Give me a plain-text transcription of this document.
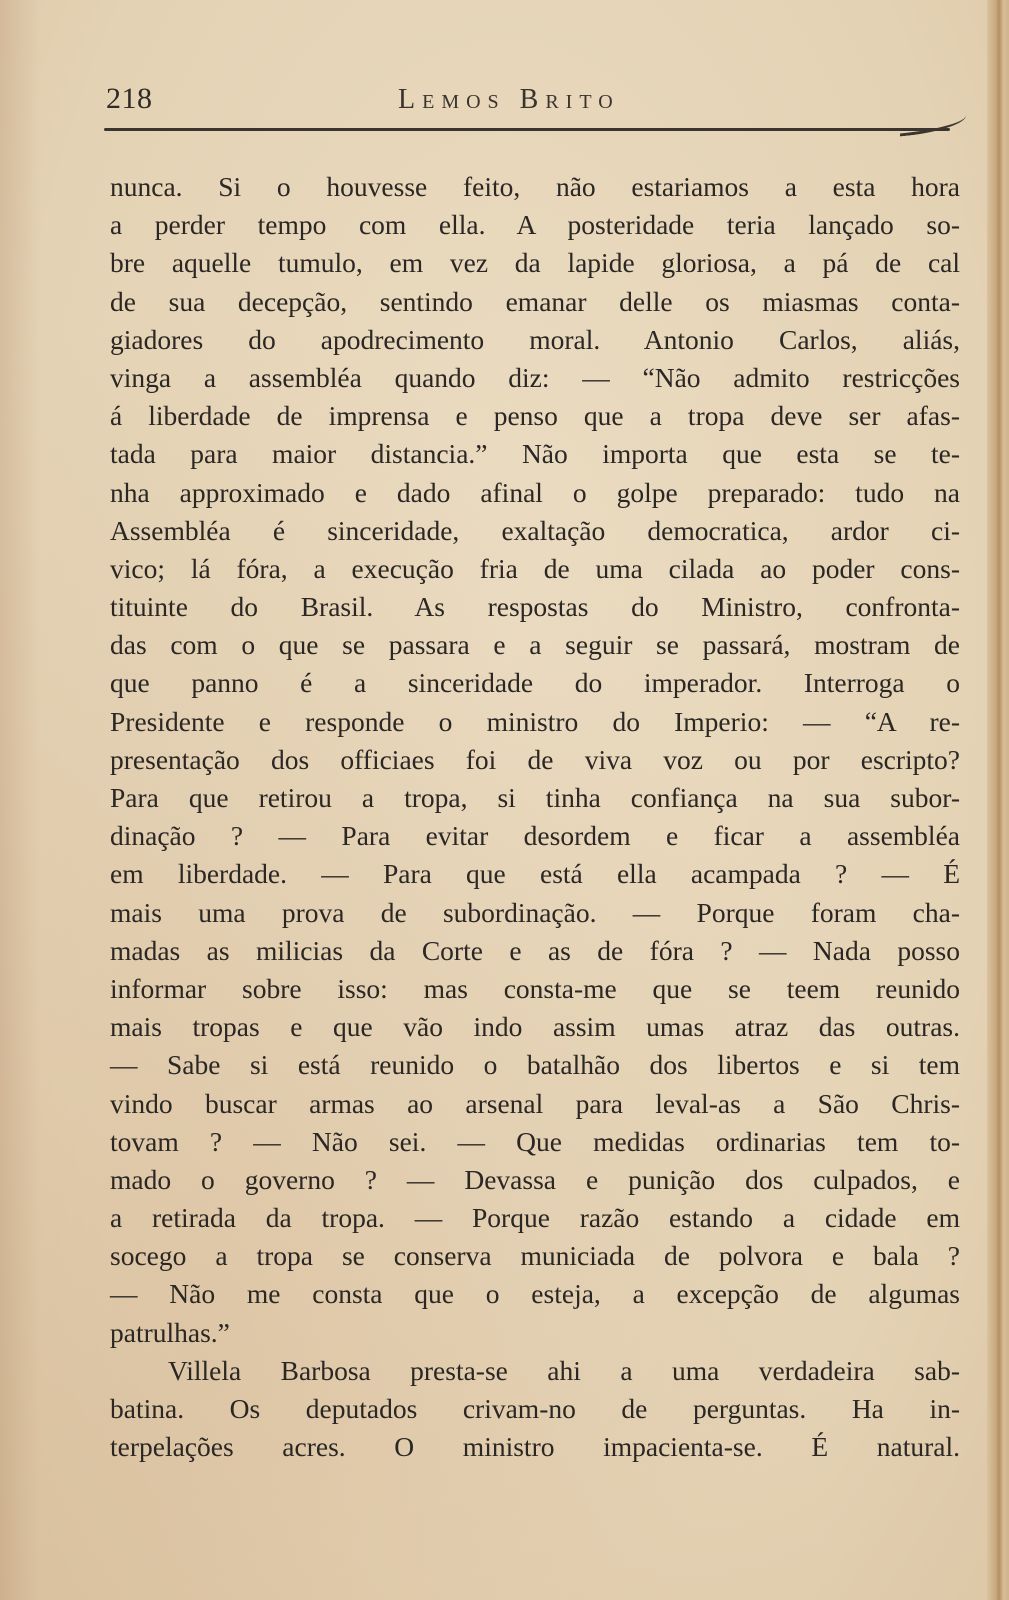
218	Lemos Brito
nunca. Si o houvesse feito, não estariamos a esta hora
a perder tempo com ella. A posteridade teria lançado so-
bre aquelle tumulo, em vez da lapide gloriosa, a pá de cal
de sua decepção, sentindo emanar delle os miasmas conta-
giadores do apodrecimento moral. Antonio Carlos, aliás,
vinga a assembléa quando diz: — “Não admito restricções
á liberdade de imprensa e penso que a tropa deve ser afas-
tada para maior distancia.” Não importa que esta se te-
nha approximado e dado afinal o golpe preparado: tudo na
Assembléa é sinceridade, exaltação democratica, ardor ci-
vico; lá fóra, a execução fria de uma cilada ao poder cons-
tituinte do Brasil. As respostas do Ministro, confronta-
das com o que se passara e a seguir se passará, mostram de
que panno é a sinceridade do imperador. Interroga o
Presidente e responde o ministro do Imperio: — “A re-
presentação dos officiaes foi de viva voz ou por escripto?
Para que retirou a tropa, si tinha confiança na sua subor-
dinação ? — Para evitar desordem e ficar a assembléa
em liberdade. — Para que está ella acampada ? — É
mais uma prova de subordinação. — Porque foram cha-
madas as milicias da Corte e as de fóra ? — Nada posso
informar sobre isso: mas consta-me que se teem reunido
mais tropas e que vão indo assim umas atraz das outras.
— Sabe si está reunido o batalhão dos libertos e si tem
vindo buscar armas ao arsenal para leval-as a São Chris-
tovam ? — Não sei. — Que medidas ordinarias tem to-
mado o governo ? — Devassa e punição dos culpados, e
a retirada da tropa. — Porque razão estando a cidade em
socego a tropa se conserva municiada de polvora e bala ?
— Não me consta que o esteja, a excepção de algumas
patrulhas.”
Villela Barbosa presta-se ahi a uma verdadeira sab-
batina. Os deputados crivam-no de perguntas. Ha in-
terpelações acres. O ministro impacienta-se. É natural.
